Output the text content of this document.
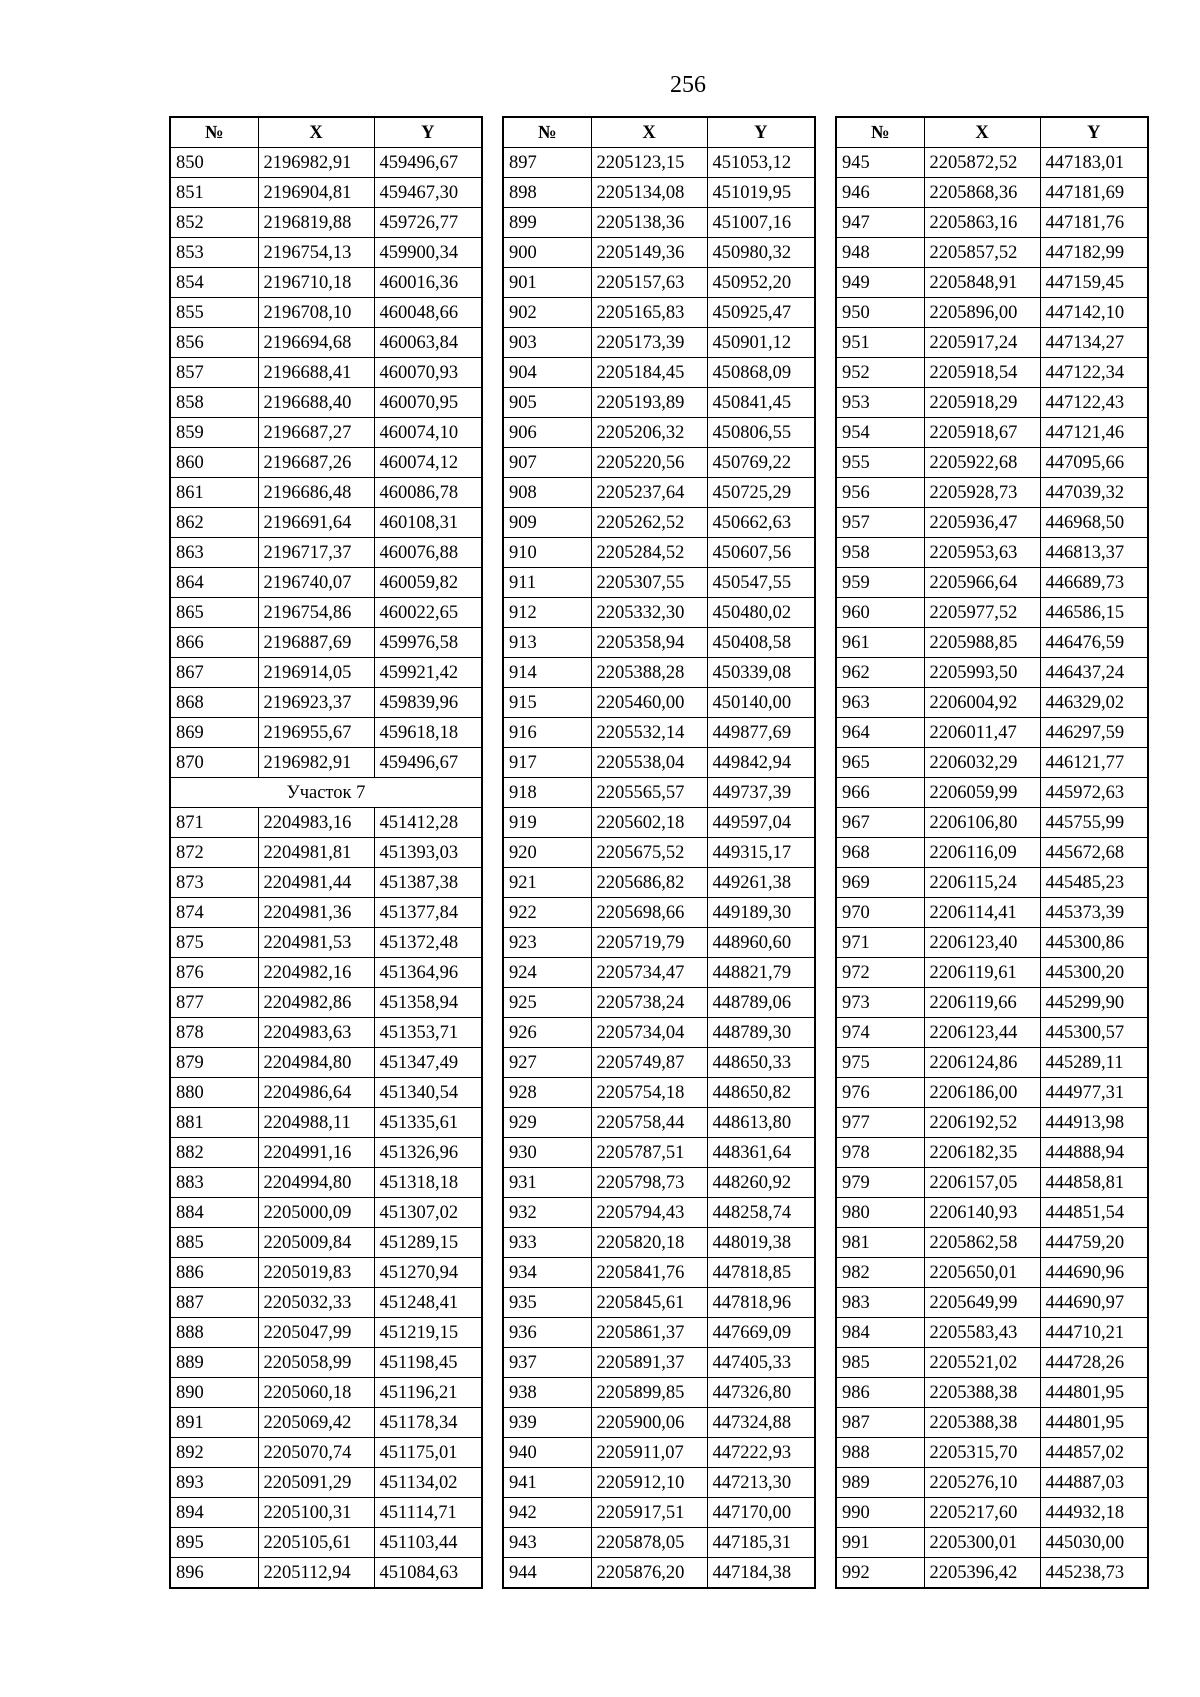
256
№	X	Y
850	2196982,91	459496,67
851	2196904,81	459467,30
852	2196819,88	459726,77
853	2196754,13	459900,34
854	2196710,18	460016,36
855	2196708,10	460048,66
856	2196694,68	460063,84
857	2196688,41	460070,93
858	2196688,40	460070,95
859	2196687,27	460074,10
860	2196687,26	460074,12
861	2196686,48	460086,78
862	2196691,64	460108,31
863	2196717,37	460076,88
864	2196740,07	460059,82
865	2196754,86	460022,65
866	2196887,69	459976,58
867	2196914,05	459921,42
868	2196923,37	459839,96
869	2196955,67	459618,18
870	2196982,91	459496,67
Участок 7		
871	2204983,16	451412,28
872	2204981,81	451393,03
873	2204981,44	451387,38
874	2204981,36	451377,84
875	2204981,53	451372,48
876	2204982,16	451364,96
877	2204982,86	451358,94
878	2204983,63	451353,71
879	2204984,80	451347,49
880	2204986,64	451340,54
881	2204988,11	451335,61
882	2204991,16	451326,96
883	2204994,80	451318,18
884	2205000,09	451307,02
885	2205009,84	451289,15
886	2205019,83	451270,94
887	2205032,33	451248,41
888	2205047,99	451219,15
889	2205058,99	451198,45
890	2205060,18	451196,21
891	2205069,42	451178,34
892	2205070,74	451175,01
893	2205091,29	451134,02
894	2205100,31	451114,71
895	2205105,61	451103,44
896	2205112,94	451084,63
№	X	Y
897	2205123,15	451053,12
898	2205134,08	451019,95
899	2205138,36	451007,16
900	2205149,36	450980,32
901	2205157,63	450952,20
902	2205165,83	450925,47
903	2205173,39	450901,12
904	2205184,45	450868,09
905	2205193,89	450841,45
906	2205206,32	450806,55
907	2205220,56	450769,22
908	2205237,64	450725,29
909	2205262,52	450662,63
910	2205284,52	450607,56
911	2205307,55	450547,55
912	2205332,30	450480,02
913	2205358,94	450408,58
914	2205388,28	450339,08
915	2205460,00	450140,00
916	2205532,14	449877,69
917	2205538,04	449842,94
918	2205565,57	449737,39
919	2205602,18	449597,04
920	2205675,52	449315,17
921	2205686,82	449261,38
922	2205698,66	449189,30
923	2205719,79	448960,60
924	2205734,47	448821,79
925	2205738,24	448789,06
926	2205734,04	448789,30
927	2205749,87	448650,33
928	2205754,18	448650,82
929	2205758,44	448613,80
930	2205787,51	448361,64
931	2205798,73	448260,92
932	2205794,43	448258,74
933	2205820,18	448019,38
934	2205841,76	447818,85
935	2205845,61	447818,96
936	2205861,37	447669,09
937	2205891,37	447405,33
938	2205899,85	447326,80
939	2205900,06	447324,88
940	2205911,07	447222,93
941	2205912,10	447213,30
942	2205917,51	447170,00
943	2205878,05	447185,31
944	2205876,20	447184,38
№	X	Y
945	2205872,52	447183,01
946	2205868,36	447181,69
947	2205863,16	447181,76
948	2205857,52	447182,99
949	2205848,91	447159,45
950	2205896,00	447142,10
951	2205917,24	447134,27
952	2205918,54	447122,34
953	2205918,29	447122,43
954	2205918,67	447121,46
955	2205922,68	447095,66
956	2205928,73	447039,32
957	2205936,47	446968,50
958	2205953,63	446813,37
959	2205966,64	446689,73
960	2205977,52	446586,15
961	2205988,85	446476,59
962	2205993,50	446437,24
963	2206004,92	446329,02
964	2206011,47	446297,59
965	2206032,29	446121,77
966	2206059,99	445972,63
967	2206106,80	445755,99
968	2206116,09	445672,68
969	2206115,24	445485,23
970	2206114,41	445373,39
971	2206123,40	445300,86
972	2206119,61	445300,20
973	2206119,66	445299,90
974	2206123,44	445300,57
975	2206124,86	445289,11
976	2206186,00	444977,31
977	2206192,52	444913,98
978	2206182,35	444888,94
979	2206157,05	444858,81
980	2206140,93	444851,54
981	2205862,58	444759,20
982	2205650,01	444690,96
983	2205649,99	444690,97
984	2205583,43	444710,21
985	2205521,02	444728,26
986	2205388,38	444801,95
987	2205388,38	444801,95
988	2205315,70	444857,02
989	2205276,10	444887,03
990	2205217,60	444932,18
991	2205300,01	445030,00
992	2205396,42	445238,73
